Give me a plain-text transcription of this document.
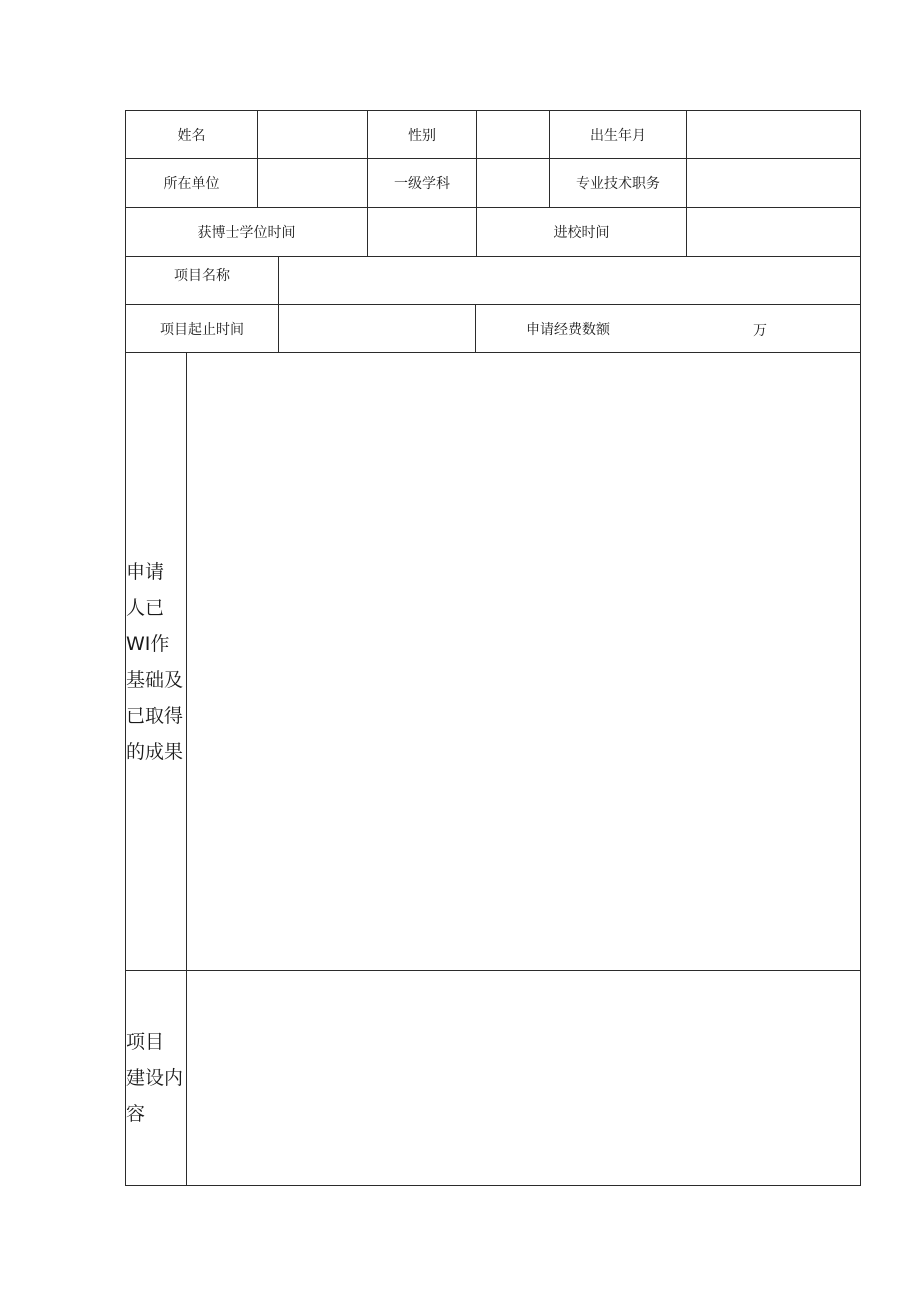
姓名	性别	出生年月
所在单位	一级学科	专业技术职务
获博士学位时间	进校时间
项目名称
项目起止时间	申请经费数额	万
申请
人已
WI作
基础及
已取得
的成果
项目
建设内
容
